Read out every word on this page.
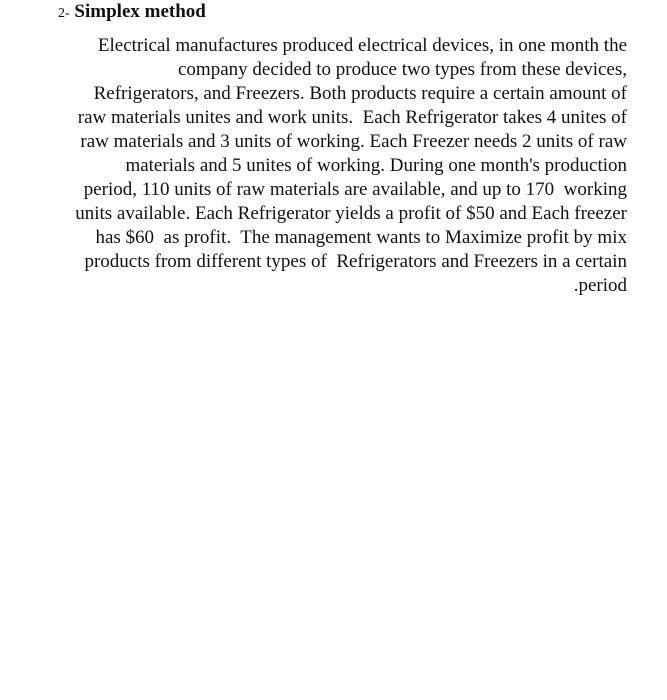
2- Simplex method
Electrical manufactures produced electrical devices, in one month the
company decided to produce two types from these devices,
Refrigerators, and Freezers. Both products require a certain amount of
raw materials unites and work units.  Each Refrigerator takes 4 unites of
raw materials and 3 units of working. Each Freezer needs 2 units of raw
materials and 5 unites of working. During one month's production
period, 110 units of raw materials are available, and up to 170  working
units available. Each Refrigerator yields a profit of $50 and Each freezer
has $60  as profit.  The management wants to Maximize profit by mix
products from different types of  Refrigerators and Freezers in a certain
.period
